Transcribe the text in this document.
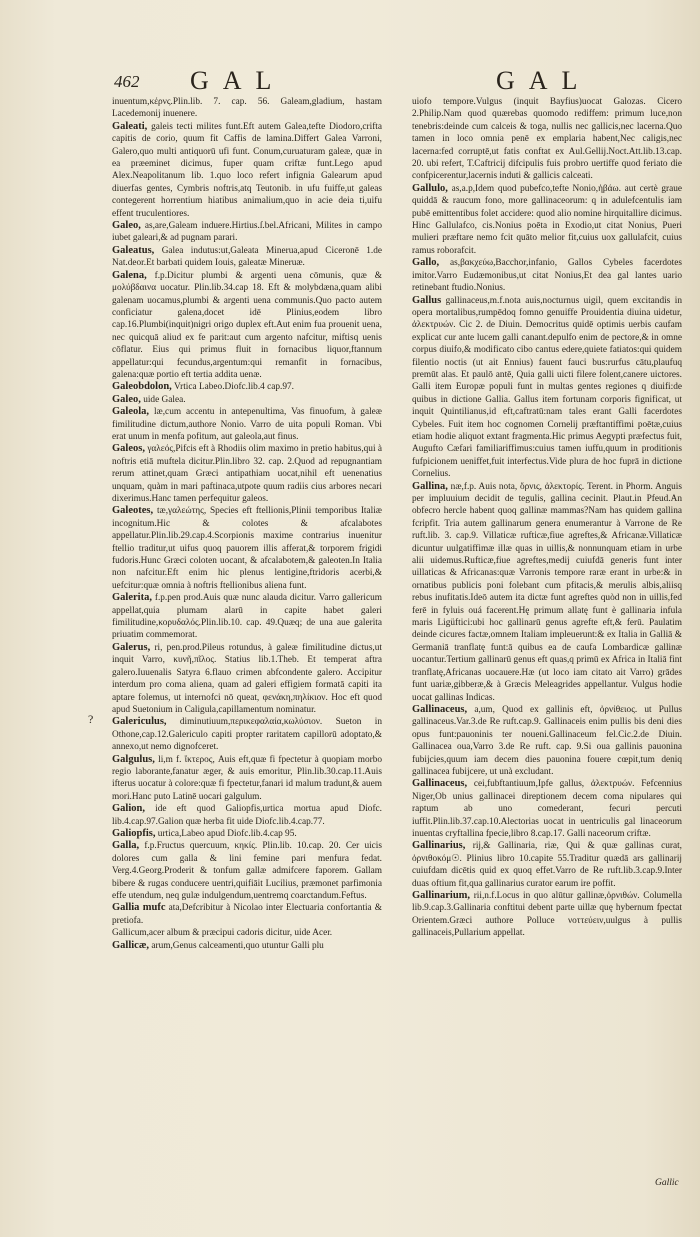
462 GAL	GAL
?

inuentum,κέρνς.Plin.lib. 7. cap. 56. Galeam,gladium, hastam Lacedemonij inuenere.

Galeati, galeis tecti milites funt.Eft autem Galea,tefte Diodoro,crifta capitis de corio, quum fit Caffis de lamina.Differt Galea Varroni, Galero,quo multi antiquorū ufi funt. Conum,curuaturam galeæ, quæ in ea præeminet dicimus, fuper quam criftæ funt.Lego apud Alex.Neapolitanum lib. 1.quo loco refert infignia Galearum apud diuerfas gentes, Cymbris noftris,atq Teutonib. in ufu fuiffe,ut galeas contegerent horrentium hiatibus animalium,quo in acie deia ti,uifu effent truculentiores.

Galeo, as,are,Galeam induere.Hirtius.ſ.bel.Africani, Milites in campo iubet galeari,& ad pugnam parari.

Galeatus, Galea indutus:ut,Galeata Minerua,apud Ciceronē 1.de Nat.deor.Et barbati quidem Iouis, galeatæ Mineruæ.

Galena, f.p.Dicitur plumbi & argenti uena cōmunis, quæ & μολύβδαινα uocatur. Plin.lib.34.cap 18. Eft & molybdæna,quam alibi galenam uocamus,plumbi & argenti uena communis.Quo pacto autem conficiatur galena,docet idē Plinius,eodem libro cap.16.Plumbi(inquit)nigri origo duplex eft.Aut enim fua prouenit uena, nec quicquā aliud ex fe parit:aut cum argento nafcitur, miftisq uenis cōflatur. Eius qui primus fluit in fornacibus liquor,ftannum appellatur:qui fecundus,argentum:qui remanfit in fornacibus, galena:quæ portio eft tertia addita uenæ.

Galeobdolon, Vrtica Labeo.Diofc.lib.4 cap.97.

Galeo, uide Galea.

Galeola, læ,cum accentu in antepenultima, Vas finuofum, à galeæ fimilitudine dictum,authore Nonio. Varro de uita populi Roman. Vbi erat unum in menfa pofitum, aut galeola,aut finus.

Galeos, γαλεός,Pifcis eft à Rhodiis olim maximo in pretio habitus,qui à noftris etiā muftela dicitur.Plin.libro 32. cap. 2.Quod ad repugnantiam rerum attinet,quam Græci antipathiam uocat,nihil eft uenenatius unquam, quàm in mari paftinaca,utpote quum radiis cius arbores necari dixerimus.Hanc tamen perfequitur galeos.

Galeotes, tæ,γαλεώτης, Species eft ftellionis,Plinii temporibus Italiæ incognitum.Hic & colotes & afcalabotes appellatur.Plin.lib.29.cap.4.Scorpionis maxime contrarius inuenitur ftellio traditur,ut uifus quoq pauorem illis afferat,& torporem frigidi fudoris.Hunc Græci coloten uocant, & afcalabotem,& galeoten.In Italia non nafcitur.Eft enim hic plenus lentigine,ftridoris acerbi,& uefcitur:quæ omnia à noftris ftellionibus aliena funt.

Galerita, f.p.pen prod.Auis quæ nunc alauda dicitur. Varro gallericum appellat,quia plumam alarū in capite habet galeri fimilitudine,κορυδαλός.Plin.lib.10. cap. 49.Quæq; de una aue galerita priuatim commemorat.

Galerus, ri, pen.prod.Pileus rotundus, à galeæ fimilitudine dictus,ut inquit Varro, κυνῆ,πῖλος. Statius lib.1.Theb. Et temperat aftra galero.Iuuenalis Satyra 6.flauo crimen abfcondente galero. Accipitur interdum pro coma aliena, quam ad galeri effigiem formatā capiti ita aptare folemus, ut internofci nō queat, φενάκη,πηλίκιον. Hoc eft quod apud Suetonium in Caligula,capillamentum nominatur.

Galericulus, diminutiuum,περικεφαλαία,κωλύσιον. Sueton in Othone,cap.12.Galericulo capiti propter raritatem capillorū adoptato,& annexo,ut nemo dignofceret.

Galgulus, li,m f. ἴκτερος, Auis eft,quæ fi fpectetur à quopiam morbo regio laborante,fanatur æger, & auis emoritur, Plin.lib.30.cap.11.Auis ifterus uocatur à colore:quæ fi fpectetur,fanari id malum tradunt,& auem mori.Hanc puto Latinē uocari galgulum.

Galion, ide eft quod Galiopfis,urtica mortua apud Diofc. lib.4.cap.97.Galion quæ herba fit uide Diofc.lib.4.cap.77.

Galiopfis, urtica,Labeo apud Diofc.lib.4.cap 95.

Galla, f.p.Fructus quercuum, κηκίς. Plin.lib. 10.cap. 20. Cer uicis dolores cum galla & lini femine pari menfura fedat. Verg.4.Georg.Proderit & tonfum gallæ admifcere faporem. Gallam bibere & rugas conducere uentri,quifiāit Lucilius, præmonet parfimonia effe utendum, neq gulæ indulgendum,uentremq coarctandum.Feftus.

Gallia mufc ata,Defcribitur à Nicolao inter Electuaria confortantia & pretiofa.

Gallicum,acer album & præcipui cadoris dicitur, uide Acer.

Gallicæ, arum,Genus calceamenti,quo utuntur Galli plu

uiofo tempore.Vulgus (inquit Bayfius)uocat Galozas. Cicero 2.Philip.Nam quod quærebas quomodo rediffem: primum luce,non tenebris:deinde cum calceis & toga, nullis nec gallicis,nec lacerna.Quo tamen in loco omnia penē ex emplaria habent,Nec caligis,nec lacerna:fed corruptē,ut fatis conftat ex Aul.Gellij.Noct.Att.lib.13.cap. 20. ubi refert, T.Caftricij difcipulis fuis probro uertiffe quod feriato die confpicerentur,lacernis induti & gallicis calceati.

Gallulo, as,a.p,Idem quod pubefco,tefte Nonio,ἡβάω. aut certè graue quiddā & raucum fono, more gallinaceorum: q in adulefcentulis iam pubē emittentibus folet accidere: quod alio nomine hirquitallire dicimus. Hinc Gallulafco, cis.Nonius poēta in Exodio,ut citat Nonius, Pueri mulieri præftare nemo fcit quāto melior fit,cuius uox gallulafcit, cuius ramus roborafcit.

Gallo, as,βακχεύω,Bacchor,infanio, Gallos Cybeles facerdotes imitor.Varro Eudæmonibus,ut citat Nonius,Et dea gal lantes uario retinebant ftudio.Nonius.

Gallus gallinaceus,m.f.nota auis,nocturnus uigil, quem excitandis in opera mortalibus,rumpēdoq fomno genuiffe Prouidentia diuina uidetur, ἀλεκτρυών. Cic 2. de Diuin. Democritus quidē optimis uerbis caufam explicat cur ante lucem galli canant.depulfo enim de pectore,& in omne corpus diuifo,& modificato cibo cantus edere,quiete fatiatos:qui quidem filentio noctis (ut ait Ennius) fauent fauci bus:rurfus cātu,plaufuq premūt alas. Et paulō antē, Quia galli uicti filere folent,canere uictores. Galli item Europæ populi funt in multas gentes regiones q diuifi:de quibus in dictione Gallia. Gallus item fortunam corporis fignificat, ut inquit Quintilianus,id eft,caftratū:nam tales erant Galli facerdotes Cybeles. Fuit item hoc cognomen Cornelij præftantiffimi poētæ,cuius etiam hodie aliquot extant fragmenta.Hic primus Aegypti præfectus fuit, Augufto Cæfari familiariffimus:cuius tamen iuffu,quum in proditionis fufpicionem ueniffet,fuit interfectus.Vide plura de hoc fuprā in dictione Cornelius.

Gallina, næ,f.p. Auis nota, ὄρνις, ἀλεκτορίς. Terent. in Phorm. Anguis per impluuium decidit de tegulis, gallina cecinit. Plaut.in Pfeud.An obfecro hercle habent quoq gallinæ mammas?Nam has quidem gallina fcripfit. Tria autem gallinarum genera enumerantur à Varrone de Re ruft.lib. 3. cap.9. Villaticæ rufticæ,fiue agreftes,& Africanæ.Villaticæ dicuntur uulgatiffimæ illæ quas in uillis,& nonnunquam etiam in urbe alii uidemus.Rufticæ,fiue agreftes,medij cuiufdā generis funt inter uillaticas & Africanas:quæ Varronis tempore raræ erant in urbe:& in ornatibus publicis poni folebant cum pfitacis,& merulis albis,aliisq rebus inufitatis.Ideō autem ita dictæ funt agreftes quòd non in uillis,fed ferē in fyluis ouá facerent.Hę primum allatę funt è gallinaria infula maris Ligüftici:ubi hoc gallinarū genus agrefte eft,& ferū. Paulatim deinde cicures factæ,omnem Italiam impleuerunt:& ex Italia in Galliā & Germaniā tranflatę funt:ā quibus ea de caufa Lombardicæ gallinæ uocantur.Tertium gallinarū genus eft quas,q primū ex Africa in Italiā fint tranflatę,Africanas uocauere.Hæ (ut loco iam citato ait Varro) grādes funt uariæ,gibberæ,& à Græcis Meleagrides appellantur. Vulgus hodie uocat gallinas Indicas.

Gallinaceus, a,um, Quod ex gallinis eft, ὀρνίθειος. ut Pullus gallinaceus.Var.3.de Re ruft.cap.9. Gallinaceis enim pullis bis deni dies opus funt:pauoninis ter noueni.Gallinaceum fel.Cic.2.de Diuin. Gallinacea oua,Varro 3.de Re ruft. cap. 9.Si oua gallinis pauonina fubijcies,quum iam decem dies pauonina fouere cœpit,tum deniq gallinacea fubijcere, ut unà excludant.

Gallinaceus, cei,fubftantiuum,Ipfe gallus, ἀλεκτρυών. Fefcennius Niger,Ob unius gallinacei direptionem decem coma nipulares qui raptum ab uno comederant, fecuri percuti iuffit.Plin.lib.37.cap.10.Alectorias uocat in uentriculis gal linaceorum inuentas cryftallina fpecie,libro 8.cap.17. Galli naceorum criftæ.

Gallinarius, rij,& Gallinaria, riæ, Qui & quæ gallinas curat, ὀρνιθοκόμ☉. Plinius libro 10.capite 55.Traditur quædā ars gallinarij cuiufdam dicētis quid ex quoq effet.Varro de Re ruft.lib.3.cap.9.Inter duas oftium fit,qua gallinarius curator earum ire poffit.

Gallinarium, rii,n.f.Locus in quo alūtur gallinæ,ὀρνιθών. Columella lib.9.cap.3.Gallinaria conftitui debent parte uillæ quę hybernum fpectat Orientem.Græci authore Polluce νοττεύειν,uulgus à pullis gallinaceis,Pullarium appellat.

Gallic
